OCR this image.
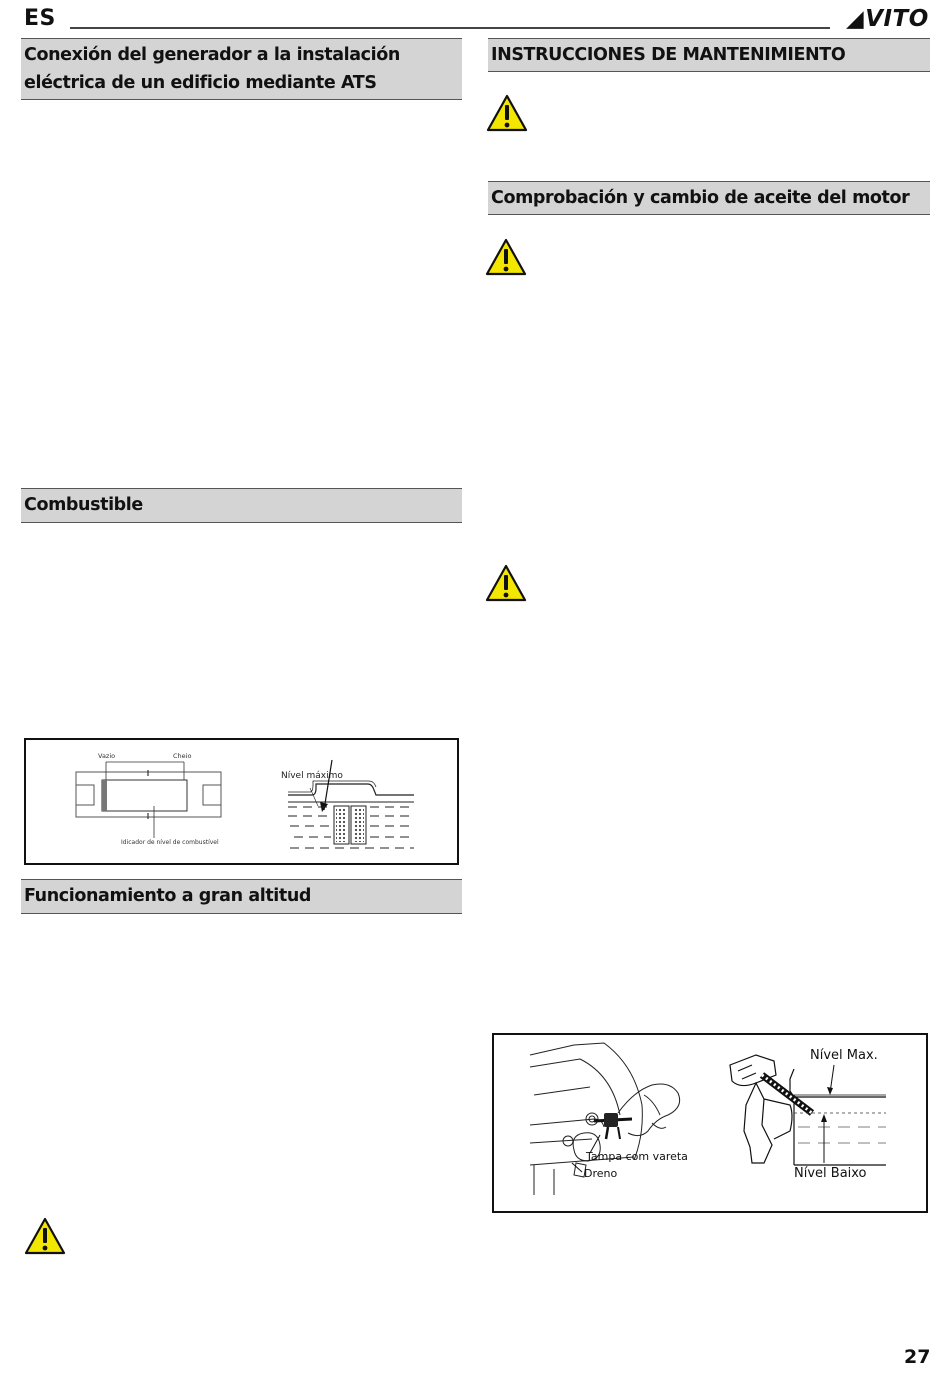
ES	◢VITO
Conexión del generador a la instalación eléctrica de un edificio mediante ATS
Combustible
Vazio	Cheio
Idicador de nível de combustível
Nível máximo
Funcionamiento a gran altitud
INSTRUCCIONES DE MANTENIMIENTO
Comprobación y cambio de aceite del motor
Tampa com vareta
Dreno
Nível Max.
Nível Baixo
27
